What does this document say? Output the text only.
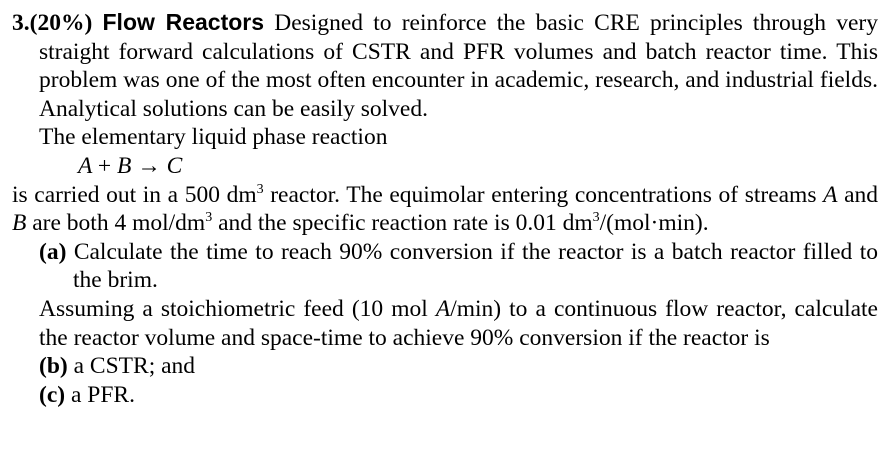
3.(20%) Flow Reactors Designed to reinforce the basic CRE principles through very straight forward calculations of CSTR and PFR volumes and batch reactor time. This problem was one of the most often encounter in academic, research, and industrial fields. Analytical solutions can be easily solved.

The elementary liquid phase reaction

A + B → C

is carried out in a 500 $dm^3$ reactor. The equimolar entering concentrations of streams A and B are both 4 mol/$dm^3$ and the specific reaction rate is 0.01 $dm^3/(mol\cdot\min)$.

(a) Calculate the time to reach 90% conversion if the reactor is a batch reactor filled to the brim.

Assuming a stoichiometric feed (10 mol A/min) to a continuous flow reactor, calculate the reactor volume and space-time to achieve 90% conversion if the reactor is

(b) a CSTR; and

(c) a PFR.
